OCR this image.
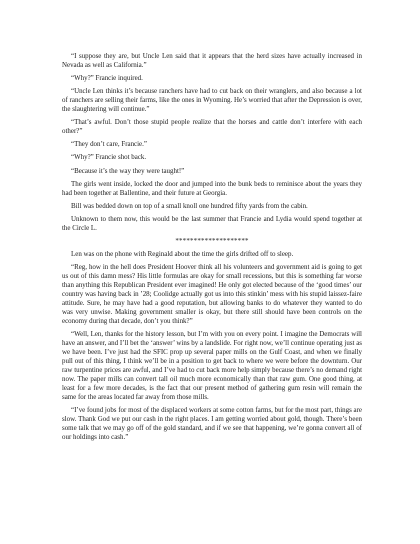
“I suppose they are, but Uncle Len said that it appears that the herd sizes have actually increased in Nevada as well as California.”

“Why?” Francie inquired.

“Uncle Len thinks it’s because ranchers have had to cut back on their wranglers, and also because a lot of ranchers are selling their farms, like the ones in Wyoming. He’s worried that after the Depression is over, the slaughtering will continue.”

“That’s awful. Don’t those stupid people realize that the horses and cattle don’t interfere with each other?”

“They don’t care, Francie.”

“Why?” Francie shot back.

“Because it’s the way they were taught!”

The girls went inside, locked the door and jumped into the bunk beds to reminisce about the years they had been together at Ballentine, and their future at Georgia.

Bill was bedded down on top of a small knoll one hundred fifty yards from the cabin.

Unknown to them now, this would be the last summer that Francie and Lydia would spend together at the Circle L.

********************

Len was on the phone with Reginald about the time the girls drifted off to sleep.

“Reg, how in the hell does President Hoover think all his volunteers and government aid is going to get us out of this damn mess? His little formulas are okay for small recessions, but this is something far worse than anything this Republican President ever imagined! He only got elected because of the ‘good times’ our country was having back in ’28; Coolidge actually got us into this stinkin’ mess with his stupid laissez-faire attitude. Sure, he may have had a good reputation, but allowing banks to do whatever they wanted to do was very unwise. Making government smaller is okay, but there still should have been controls on the economy during that decade, don’t you think?”

“Well, Len, thanks for the history lesson, but I’m with you on every point. I imagine the Democrats will have an answer, and I’ll bet the ‘answer’ wins by a landslide. For right now, we’ll continue operating just as we have been. I’ve just had the SFIC prop up several paper mills on the Gulf Coast, and when we finally pull out of this thing, I think we’ll be in a position to get back to where we were before the downturn. Our raw turpentine prices are awful, and I’ve had to cut back more help simply because there’s no demand right now. The paper mills can convert tall oil much more economically than that raw gum. One good thing, at least for a few more decades, is the fact that our present method of gathering gum resin will remain the same for the areas located far away from those mills.

“I’ve found jobs for most of the displaced workers at some cotton farms, but for the most part, things are slow. Thank God we put our cash in the right places. I am getting worried about gold, though. There’s been some talk that we may go off of the gold standard, and if we see that happening, we’re gonna convert all of our holdings into cash.”
